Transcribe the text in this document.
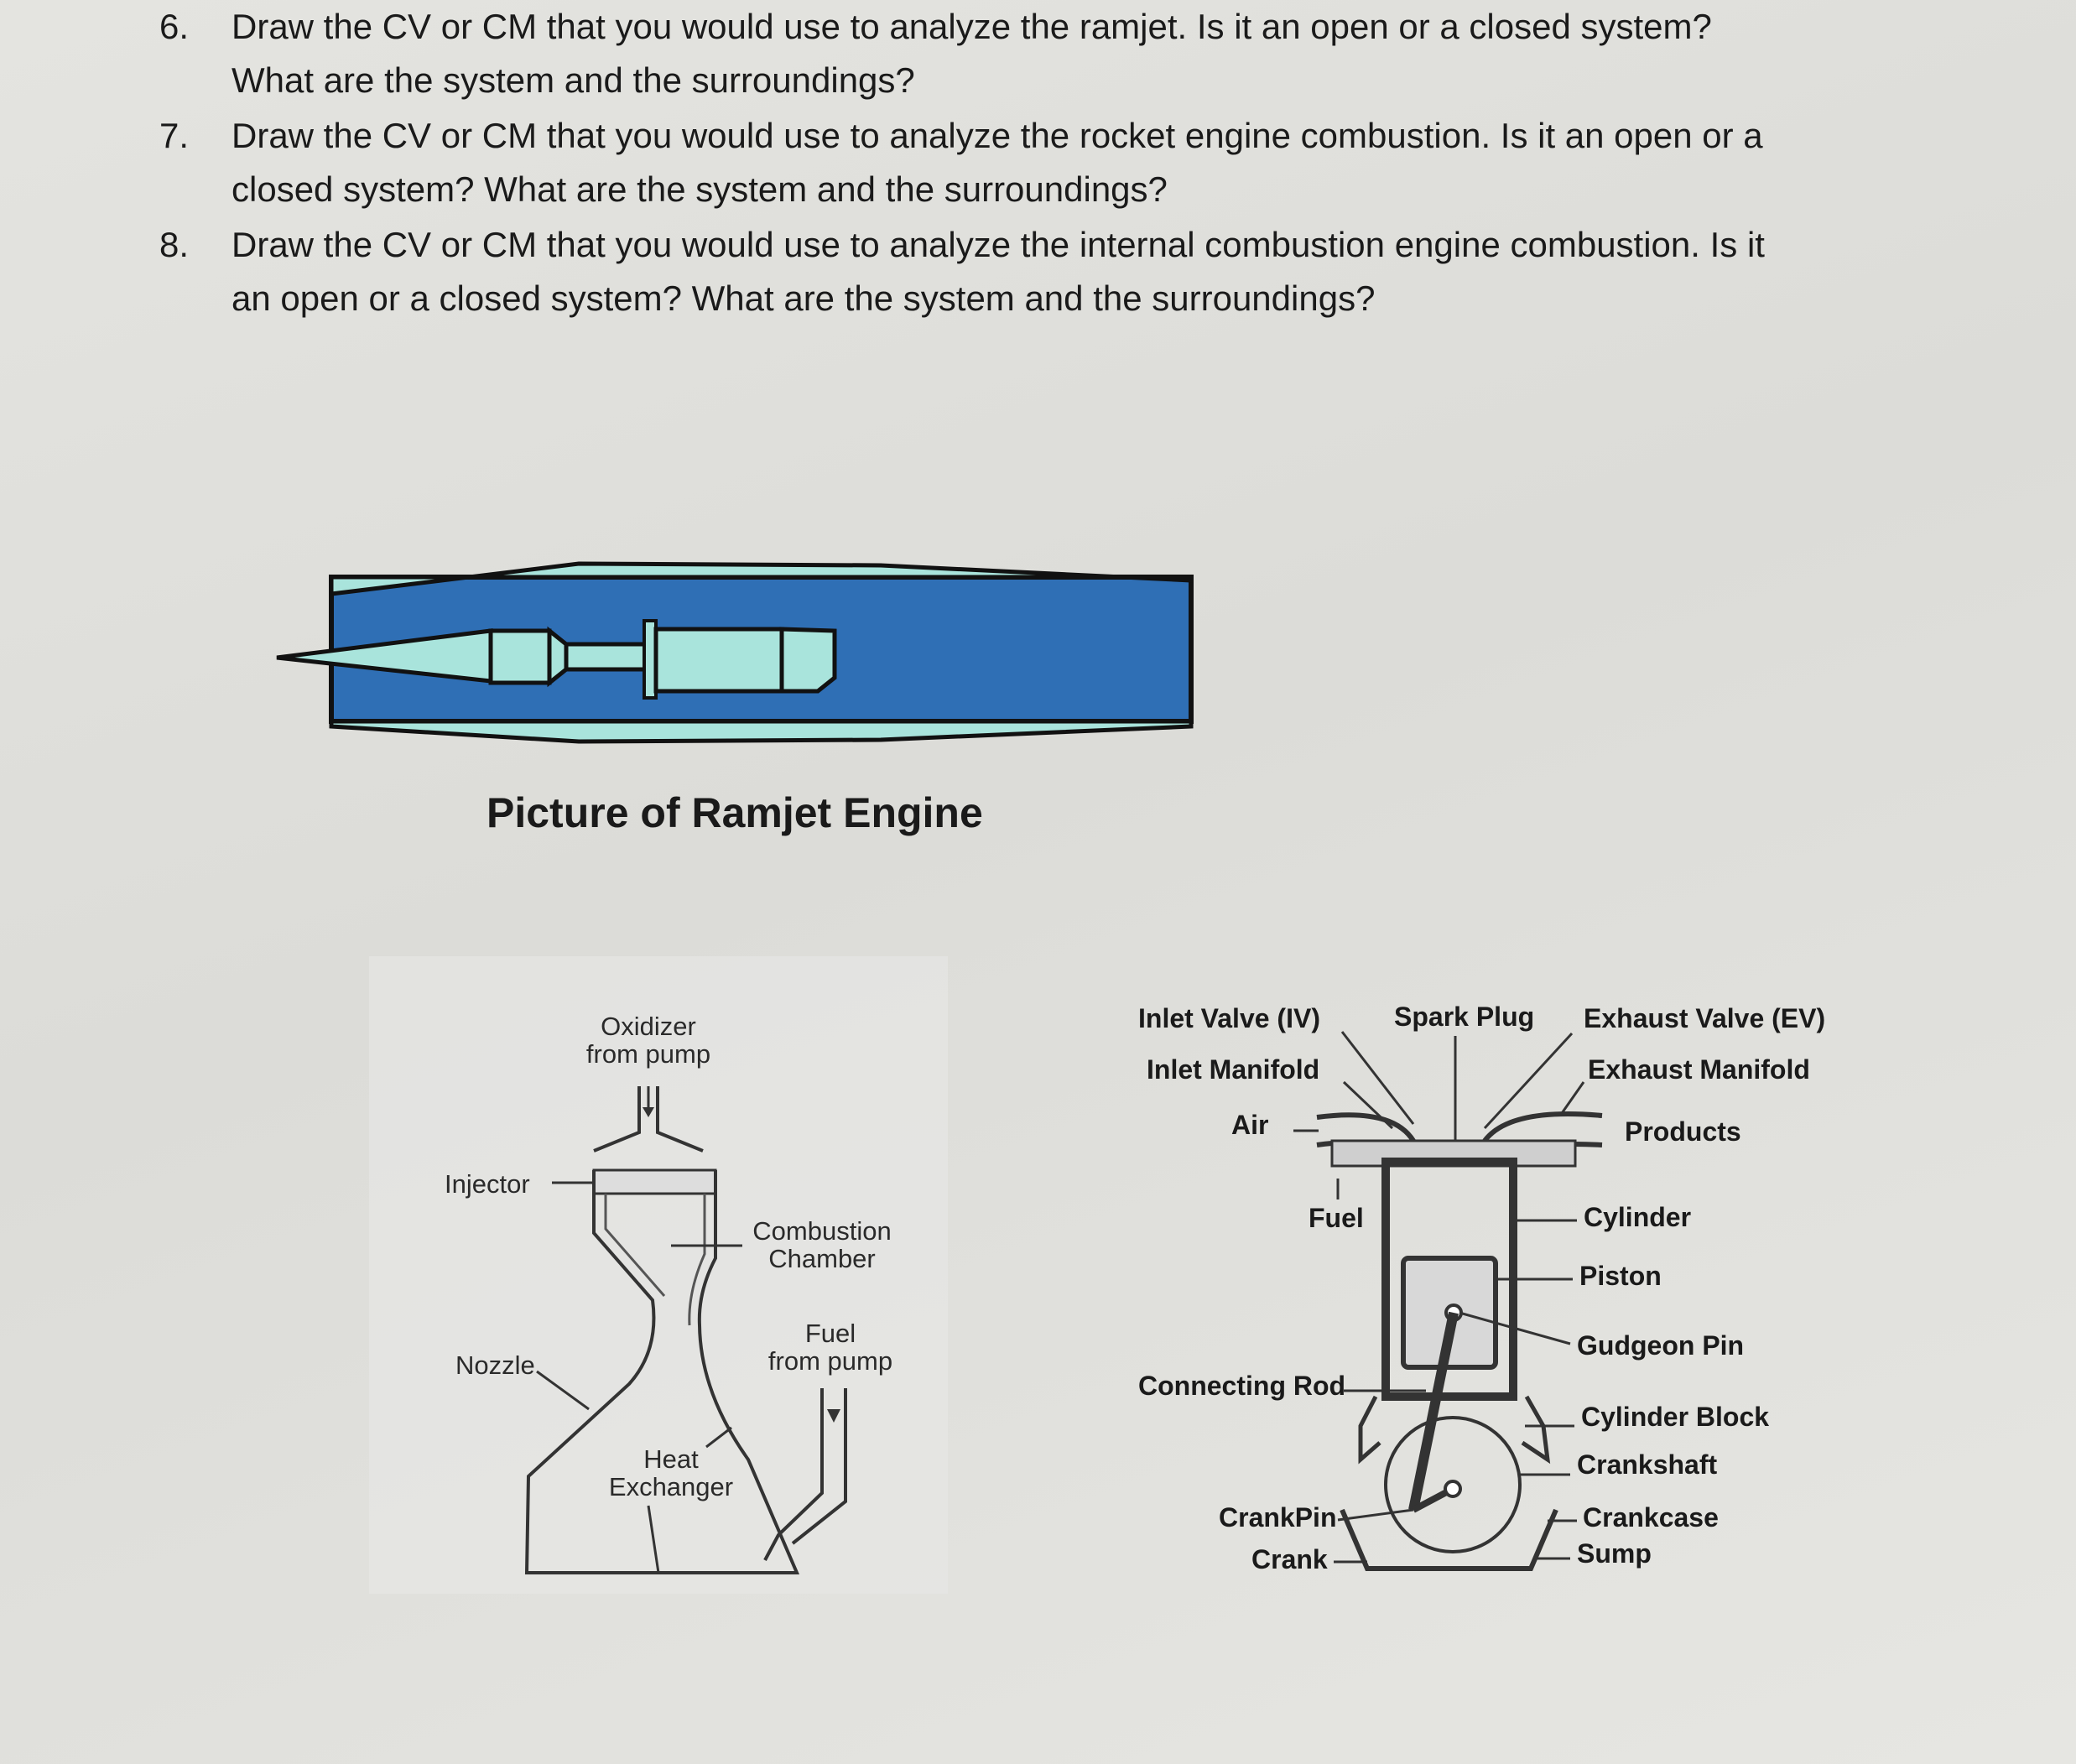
6. Draw the CV or CM that you would use to analyze the ramjet. Is it an open or a closed system?
What are the system and the surroundings?
7. Draw the CV or CM that you would use to analyze the rocket engine combustion. Is it an open or a
closed system? What are the system and the surroundings?
8. Draw the CV or CM that you would use to analyze the internal combustion engine combustion. Is it
an open or a closed system? What are the system and the surroundings?
Picture of Ramjet Engine
Oxidizer
from pump
Injector
Combustion
Chamber
Fuel
from pump
Nozzle
Heat
Exchanger
Inlet Valve (IV)	Spark Plug Exhaust Valve (EV)
Inlet Manifold	Exhaust Manifold
Air	Products
Fuel	Cylinder
Piston
Gudgeon Pin
Connecting Rod
Cylinder Block
Crankshaft
CrankPin	Crankcase
Crank	Sump
